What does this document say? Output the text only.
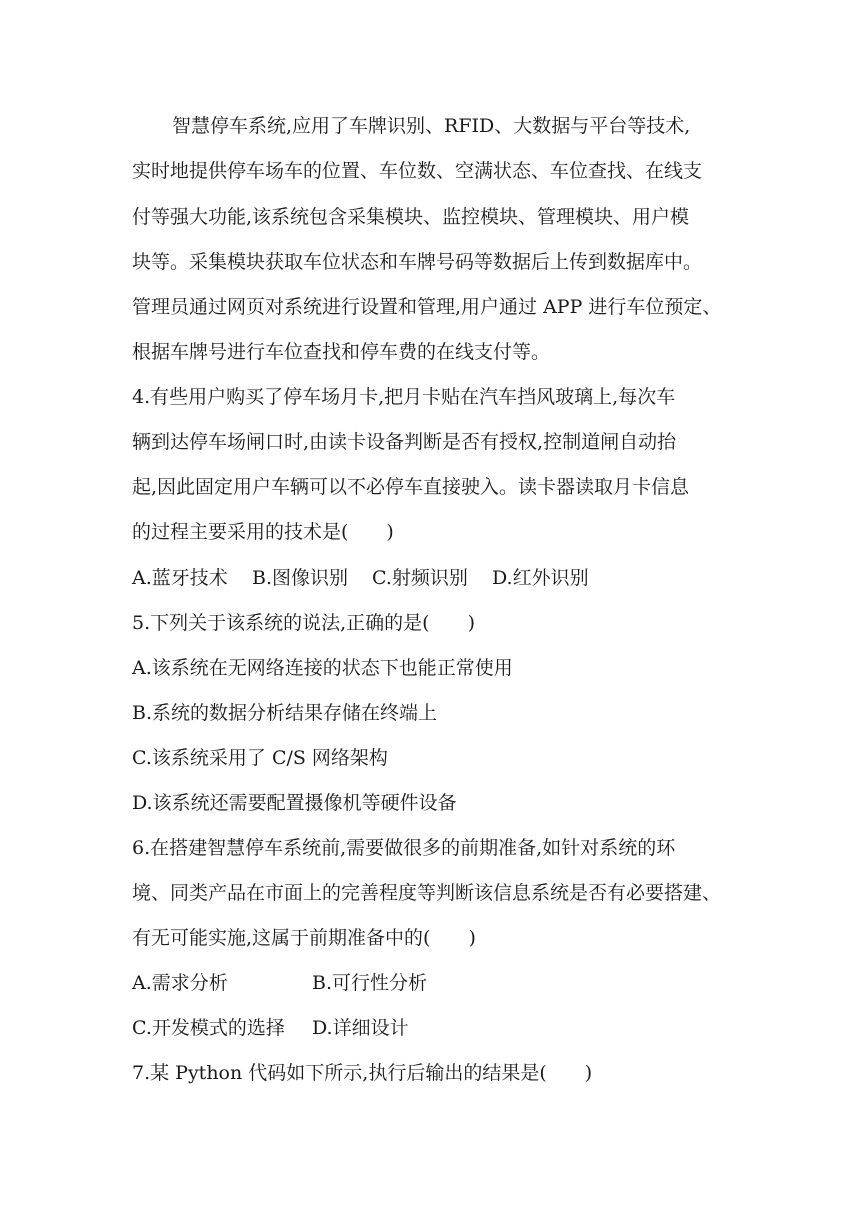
智慧停车系统,应用了车牌识别、RFID、大数据与平台等技术,
实时地提供停车场车的位置、车位数、空满状态、车位查找、在线支
付等强大功能,该系统包含采集模块、监控模块、管理模块、用户模
块等。采集模块获取车位状态和车牌号码等数据后上传到数据库中。
管理员通过网页对系统进行设置和管理,用户通过 APP 进行车位预定、
根据车牌号进行车位查找和停车费的在线支付等。
4.有些用户购买了停车场月卡,把月卡贴在汽车挡风玻璃上,每次车
辆到达停车场闸口时,由读卡设备判断是否有授权,控制道闸自动抬
起,因此固定用户车辆可以不必停车直接驶入。读卡器读取月卡信息
的过程主要采用的技术是(　　)
A.蓝牙技术 B.图像识别 C.射频识别 D.红外识别
5.下列关于该系统的说法,正确的是(　　)
A.该系统在无网络连接的状态下也能正常使用
B.系统的数据分析结果存储在终端上
C.该系统采用了 C/S 网络架构
D.该系统还需要配置摄像机等硬件设备
6.在搭建智慧停车系统前,需要做很多的前期准备,如针对系统的环
境、同类产品在市面上的完善程度等判断该信息系统是否有必要搭建、
有无可能实施,这属于前期准备中的(　　)
A.需求分析	B.可行性分析
C.开发模式的选择 D.详细设计
7.某 Python 代码如下所示,执行后输出的结果是(　　)
